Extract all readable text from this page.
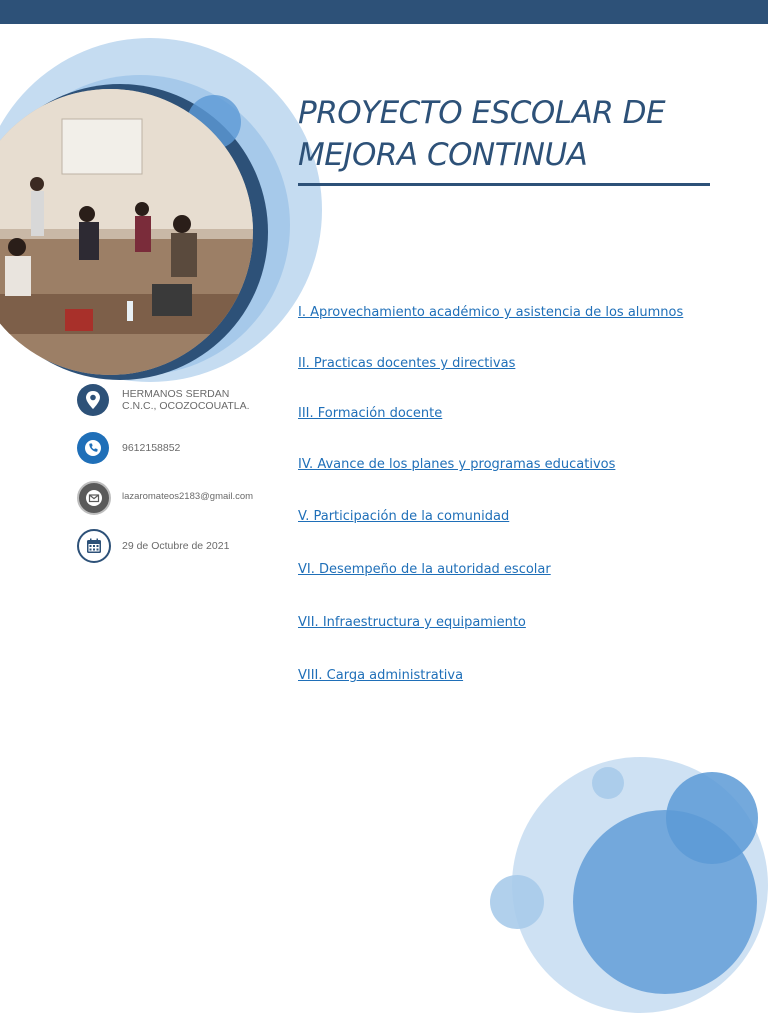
PROYECTO ESCOLAR DE MEJORA CONTINUA
I. Aprovechamiento académico y asistencia de los alumnos
II. Practicas docentes y directivas
III. Formación docente
IV. Avance de los planes y programas educativos
V. Participación de la comunidad
VI. Desempeño de la autoridad escolar
VII. Infraestructura y equipamiento
VIII. Carga administrativa
HERMANOS SERDAN
C.N.C., OCOZOCOUATLA.
9612158852
lazaromateos2183@gmail.com
29 de Octubre de 2021
